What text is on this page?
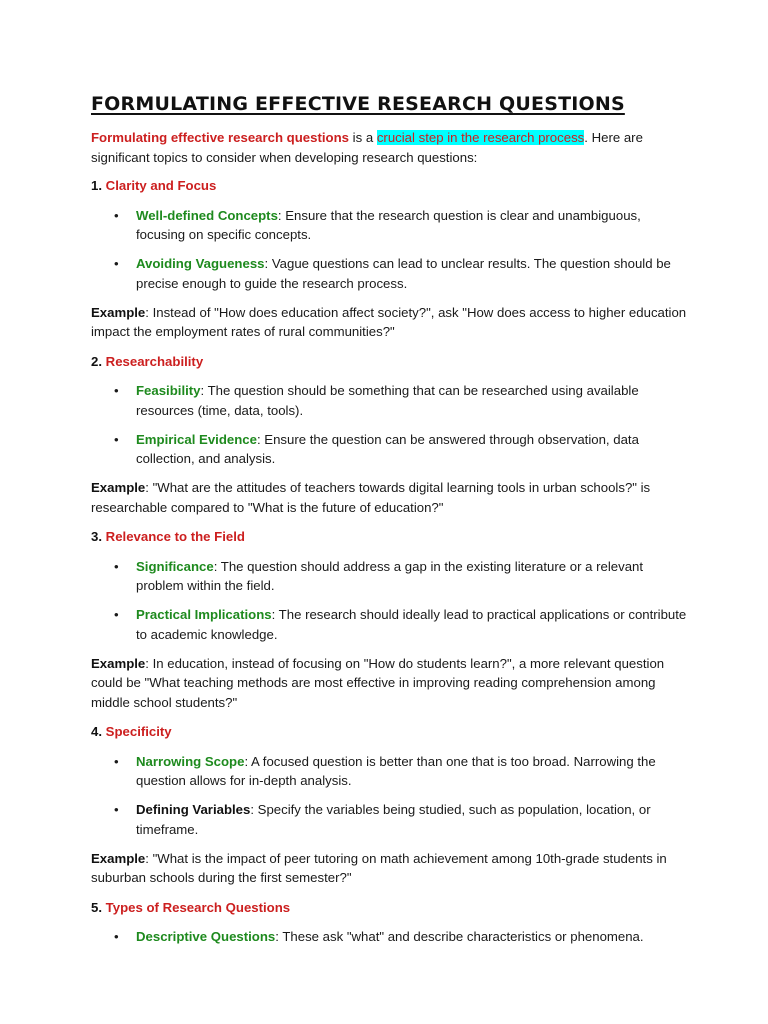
FORMULATING EFFECTIVE RESEARCH QUESTIONS

Formulating effective research questions is a crucial step in the research process. Here are significant topics to consider when developing research questions:

1. Clarity and Focus

• Well-defined Concepts: Ensure that the research question is clear and unambiguous, focusing on specific concepts.
• Avoiding Vagueness: Vague questions can lead to unclear results. The question should be precise enough to guide the research process.

Example: Instead of "How does education affect society?", ask "How does access to higher education impact the employment rates of rural communities?"

2. Researchability

• Feasibility: The question should be something that can be researched using available resources (time, data, tools).
• Empirical Evidence: Ensure the question can be answered through observation, data collection, and analysis.

Example: "What are the attitudes of teachers towards digital learning tools in urban schools?" is researchable compared to "What is the future of education?"

3. Relevance to the Field

• Significance: The question should address a gap in the existing literature or a relevant problem within the field.
• Practical Implications: The research should ideally lead to practical applications or contribute to academic knowledge.

Example: In education, instead of focusing on "How do students learn?", a more relevant question could be "What teaching methods are most effective in improving reading comprehension among middle school students?"

4. Specificity

• Narrowing Scope: A focused question is better than one that is too broad. Narrowing the question allows for in-depth analysis.
• Defining Variables: Specify the variables being studied, such as population, location, or timeframe.

Example: "What is the impact of peer tutoring on math achievement among 10th-grade students in suburban schools during the first semester?"

5. Types of Research Questions

• Descriptive Questions: These ask "what" and describe characteristics or phenomena.
